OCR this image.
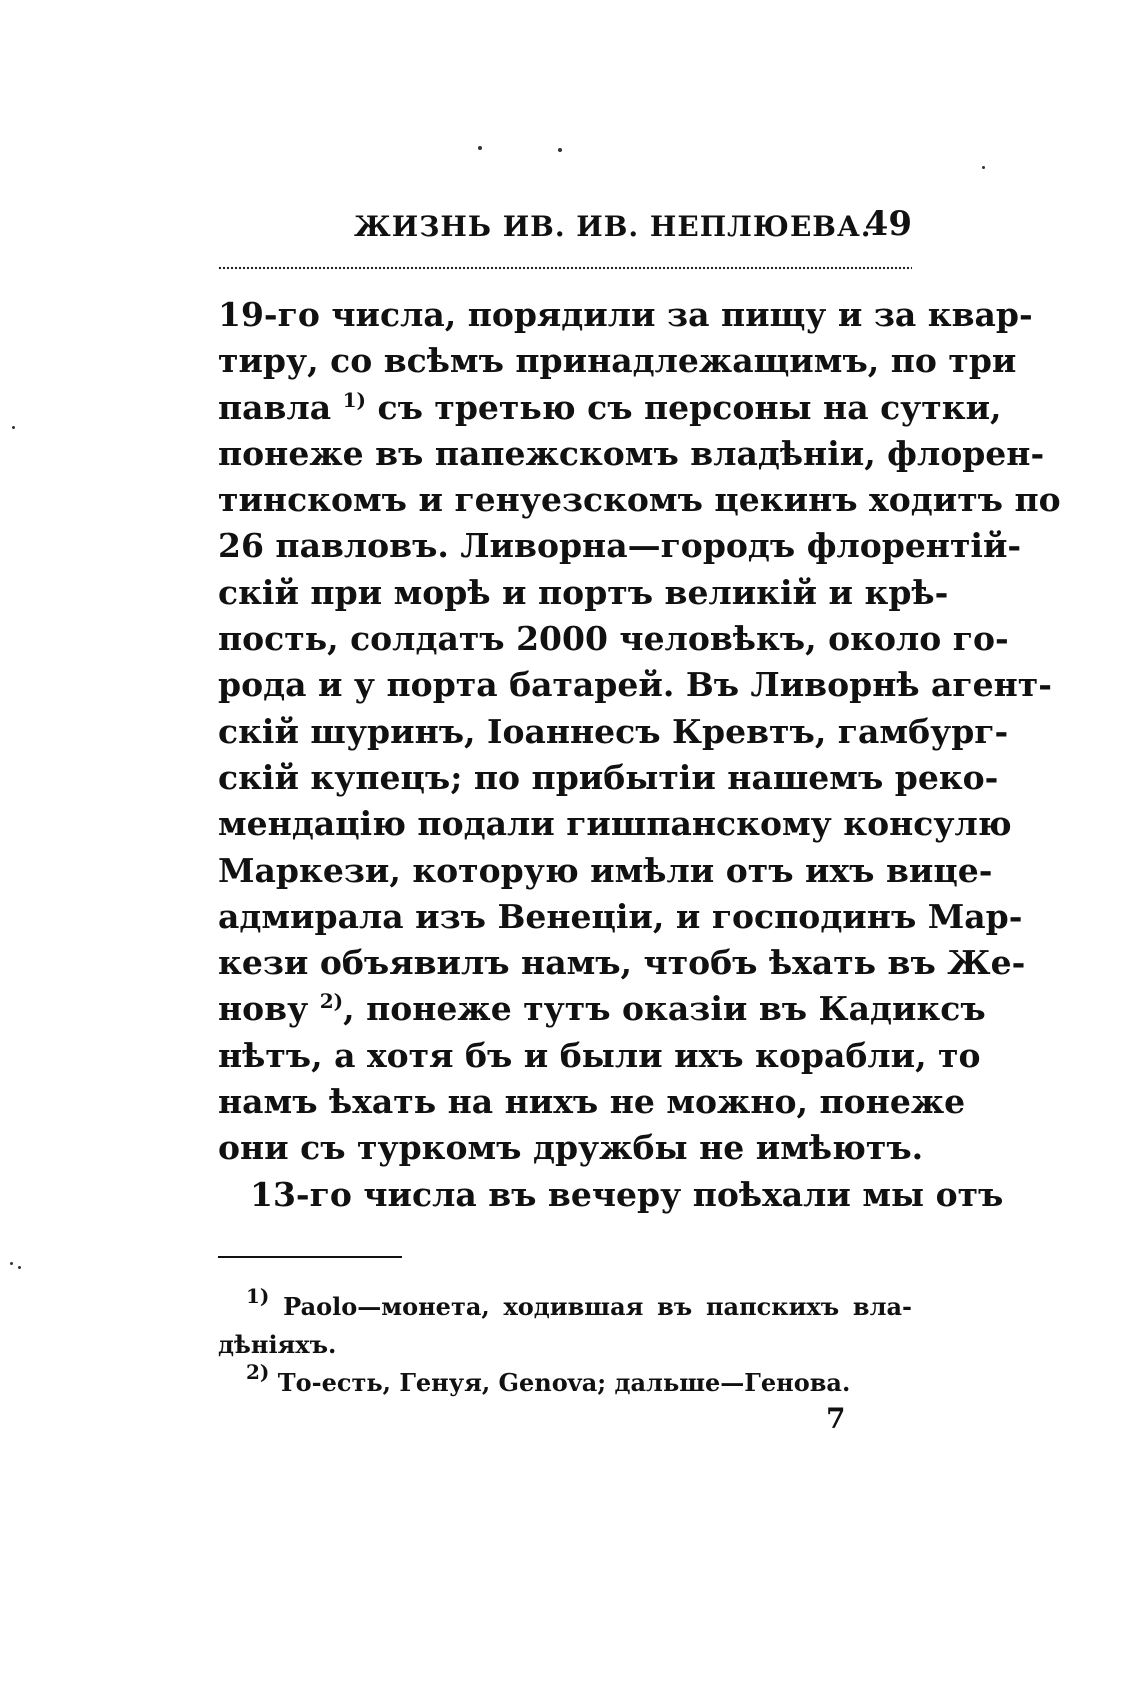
ЖИЗНЬ ИВ. ИВ. НЕПЛЮЕВА.
49
19-го числа, порядили за пищу и за квар-
тиру, со всѣмъ принадлежащимъ, по три
павла $^{1)}$ съ третью съ персоны на сутки,
понеже въ папежскомъ владѣніи, флорен-
тинскомъ и генуезскомъ цекинъ ходитъ по
26 павловъ. Ливорна—городъ флорентій-
скій при морѣ и портъ великій и крѣ-
пость, солдатъ 2000 человѣкъ, около го-
рода и у порта батарей. Въ Ливорнѣ агент-
скій шуринъ, Іоаннесъ Кревтъ, гамбург-
скій купецъ; по прибытіи нашемъ реко-
мендацію подали гишпанскому консулю
Маркези, которую имѣли отъ ихъ вице-
адмирала изъ Венеціи, и господинъ Мар-
кези объявилъ намъ, чтобъ ѣхать въ Же-
нову $^{2)}$, понеже тутъ оказіи въ Кадиксъ
нѣтъ, а хотя бъ и были ихъ корабли, то
намъ ѣхать на нихъ не можно, понеже
они съ туркомъ дружбы не имѣютъ.
13-го числа въ вечеру поѣхали мы отъ
$^{1)}$ Paolo—монета, ходившая въ папскихъ вла-
дѣніяхъ.
$^{2)}$ То-есть, Генуя, Genova; дальше—Генова.
7
